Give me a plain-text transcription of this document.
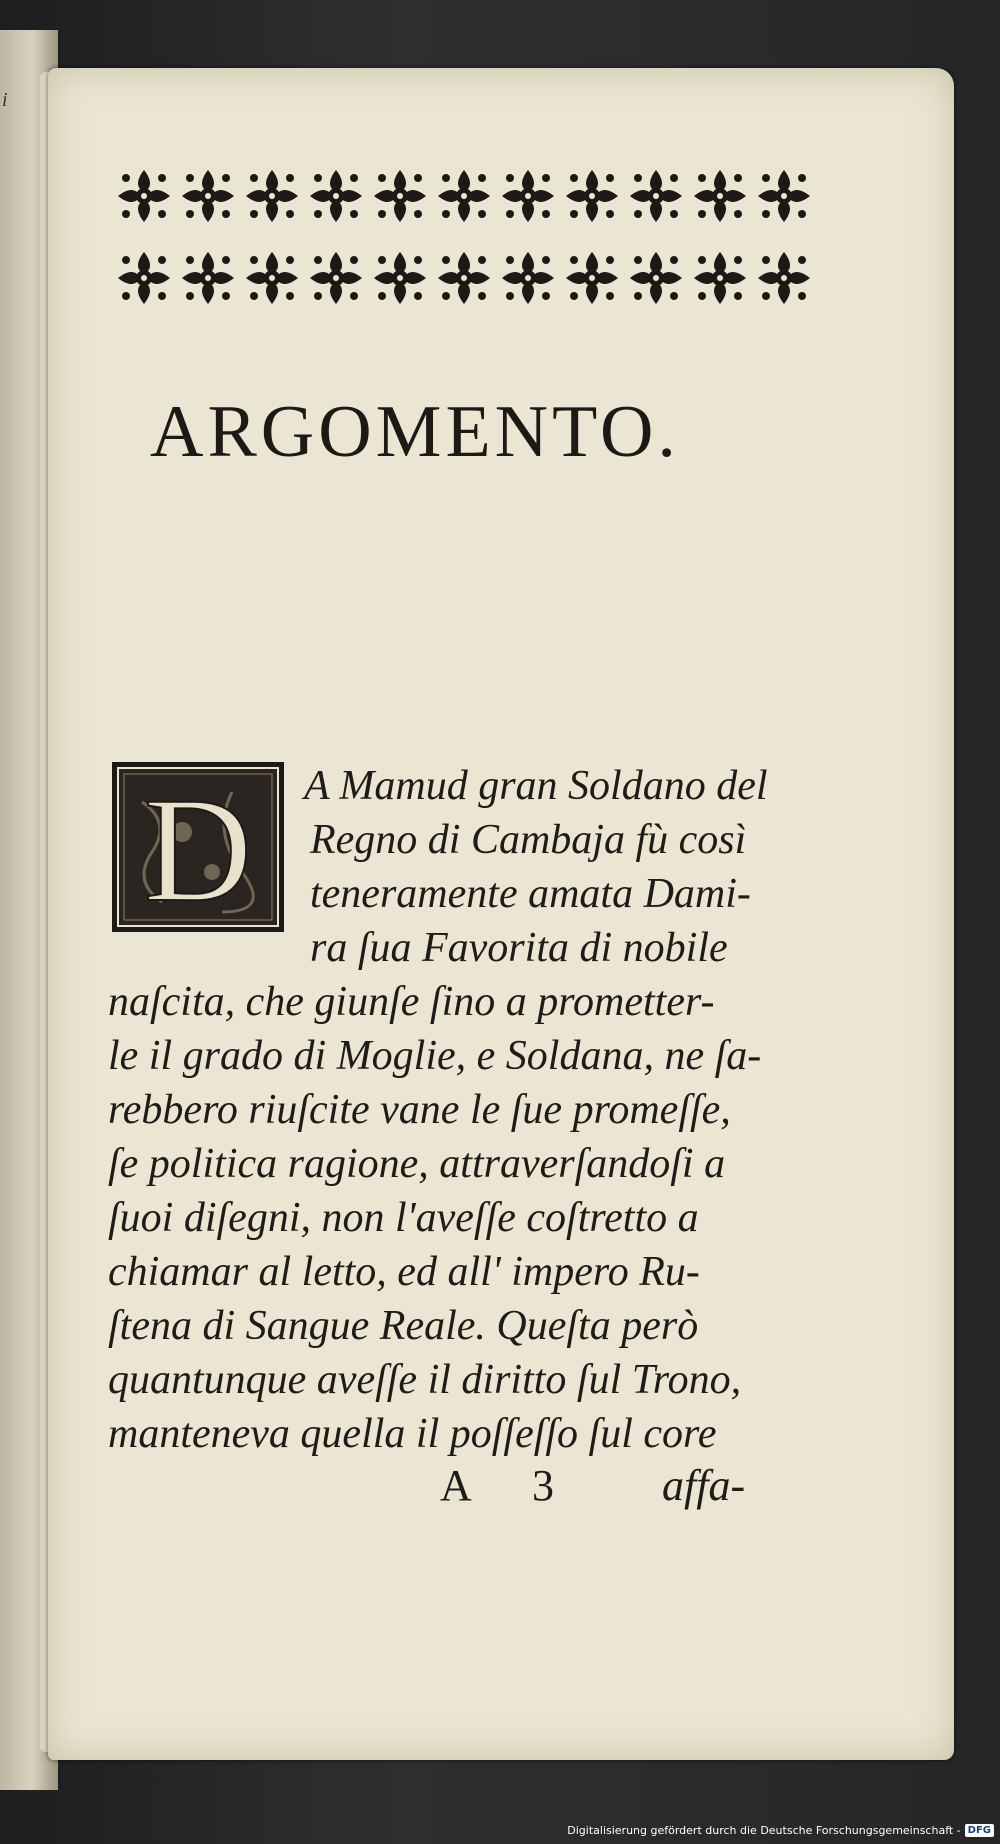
i
ARGOMENTO.
D A Mamud gran Soldano del
Regno di Cambaja fù così
teneramente amata Dami-
ra ſua Favorita di nobile
naſcita, che giunſe ſino a prometter-
le il grado di Moglie, e Soldana, ne ſa-
rebbero riuſcite vane le ſue promeſſe,
ſe politica ragione, attraverſandoſi a
ſuoi diſegni, non l'aveſſe coſtretto a
chiamar al letto, ed all' impero Ru-
ſtena di Sangue Reale. Queſta però
quantunque aveſſe il diritto ſul Trono,
manteneva quella il poſſeſſo ſul core
A 3 affa-
Digitalisierung gefördert durch die Deutsche Forschungsgemeinschaft - DFG
